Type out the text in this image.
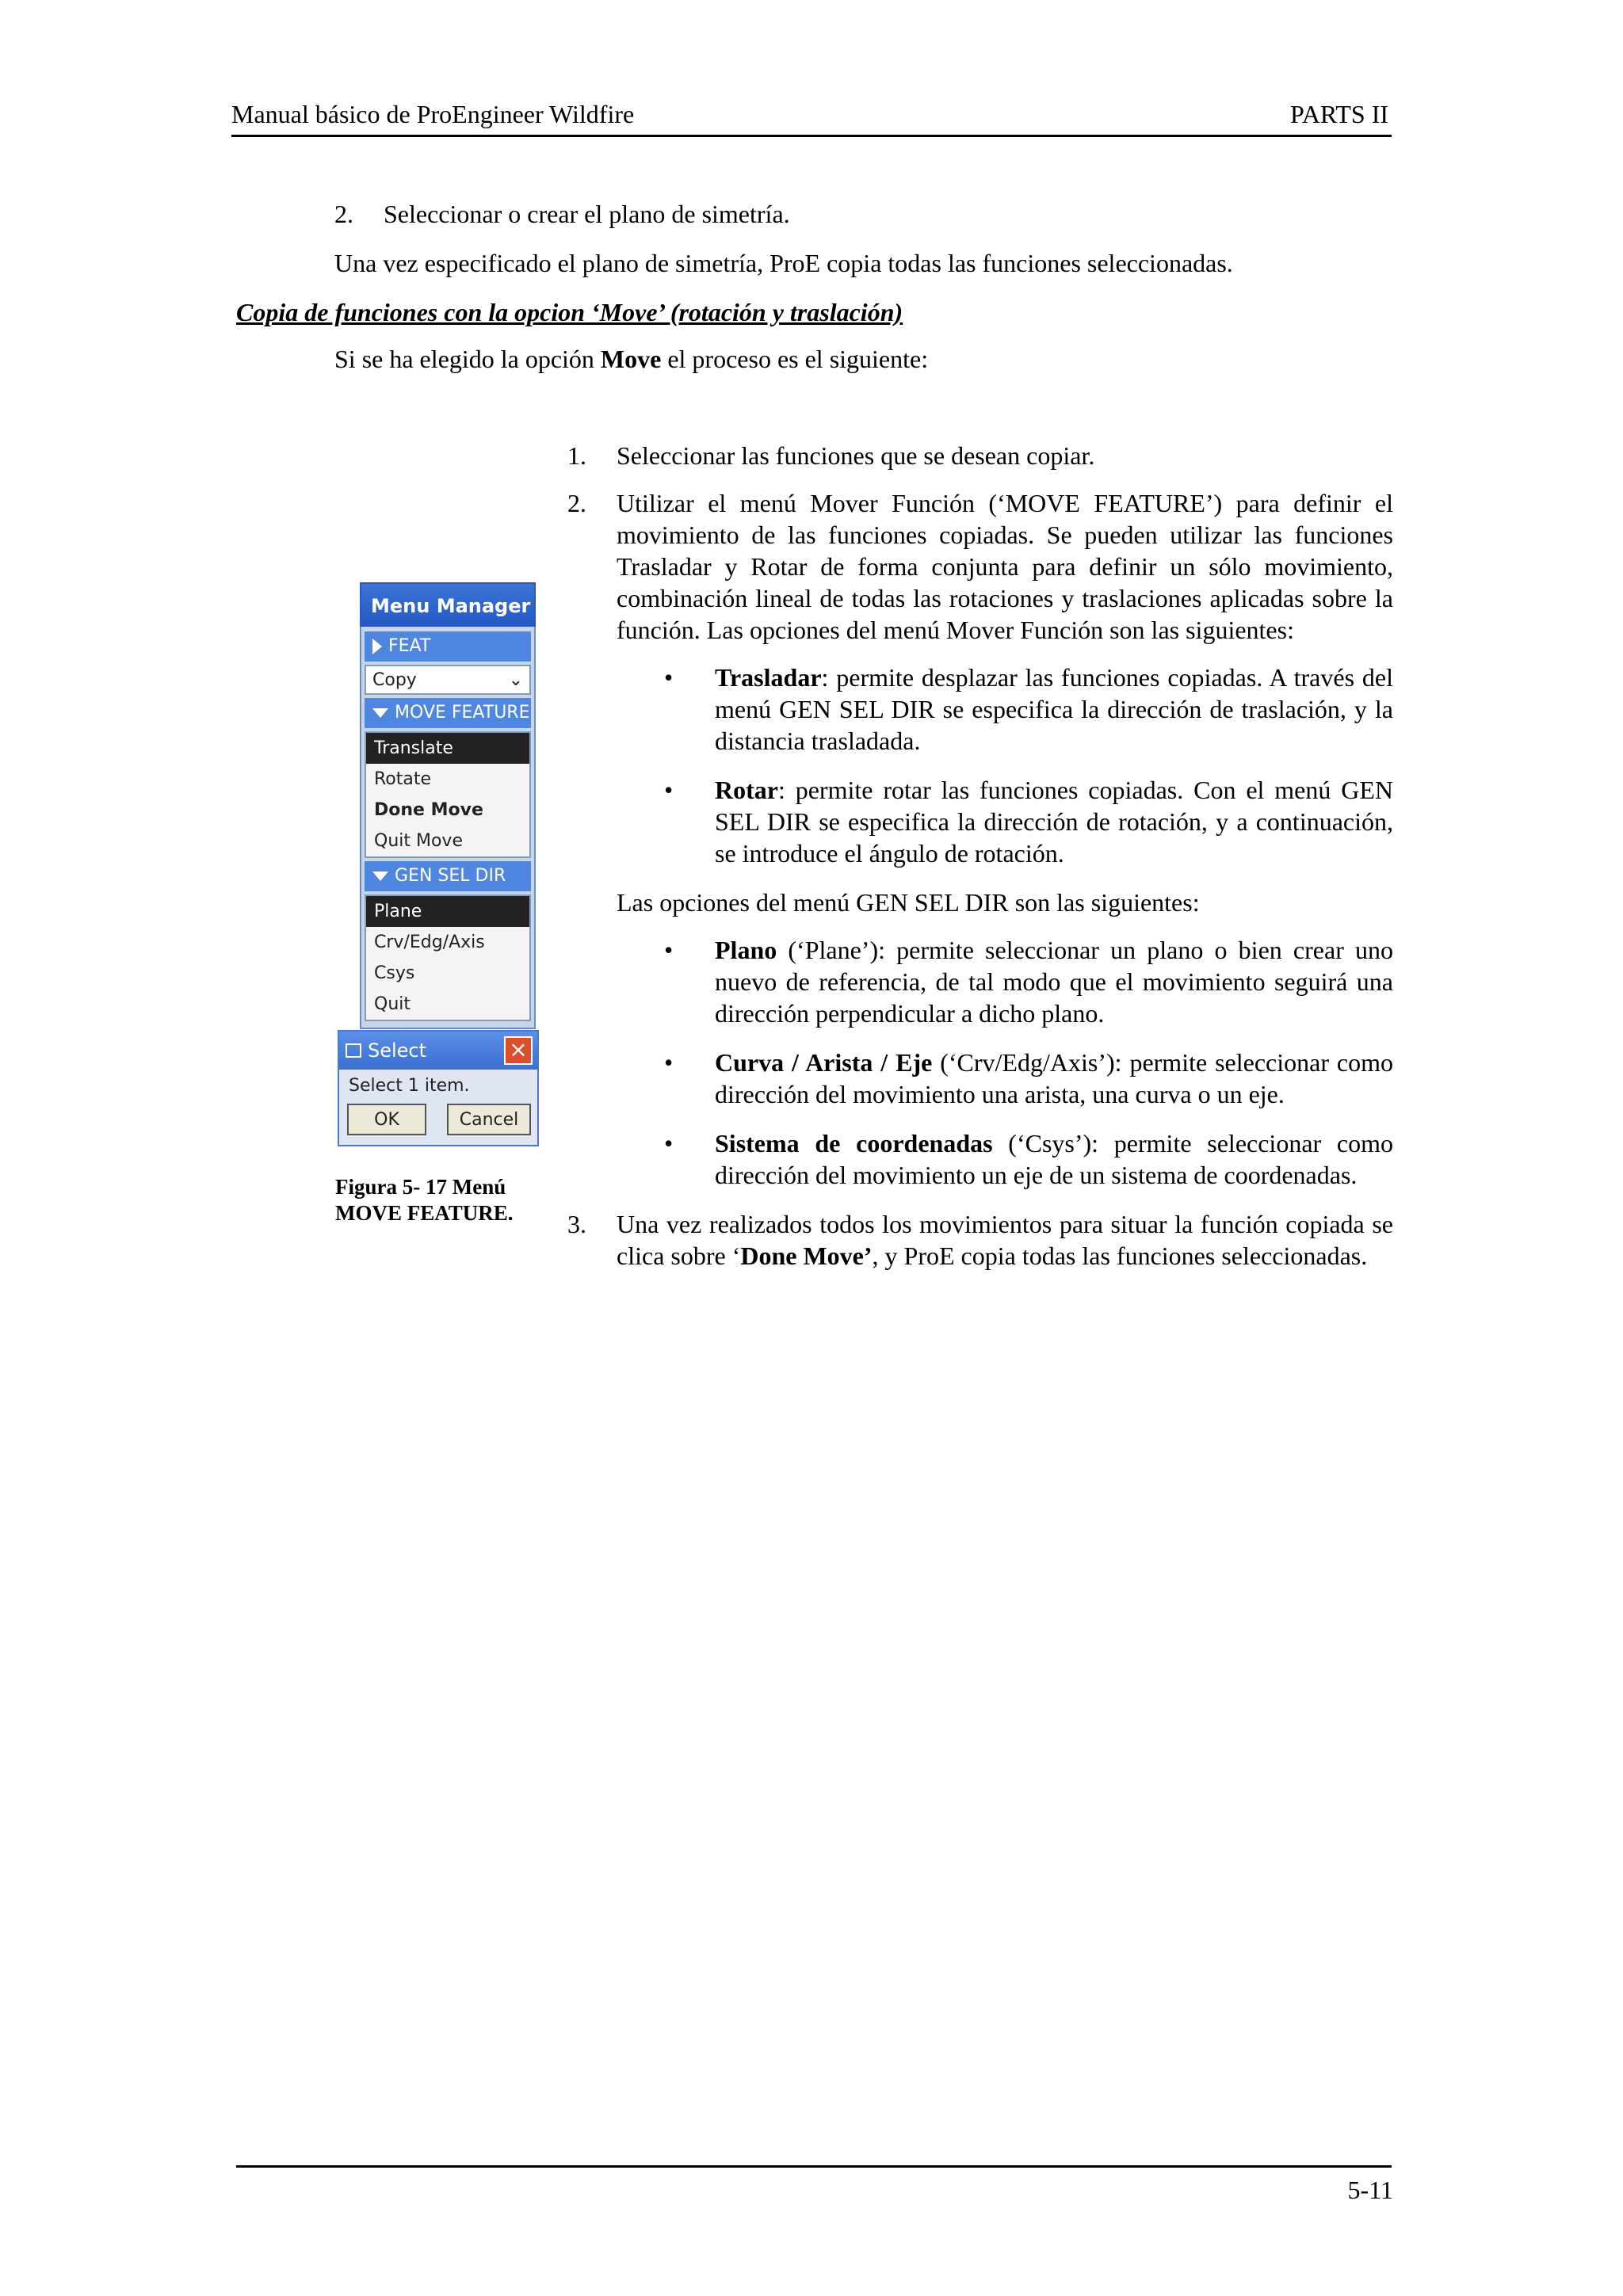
Manual básico de ProEngineer Wildfire	PARTS II
2.	Seleccionar o crear el plano de simetría.
Una vez especificado el plano de simetría, ProE copia todas las funciones seleccionadas.
Copia de funciones con la opcion ‘Move’ (rotación y traslación)
Si se ha elegido la opción Move el proceso es el siguiente:
1.	Seleccionar las funciones que se desean copiar.
2.	Utilizar el menú Mover Función (‘MOVE FEATURE’) para definir el movimiento de las funciones copiadas. Se pueden utilizar las funciones Trasladar y Rotar de forma conjunta para definir un sólo movimiento, combinación lineal de todas las rotaciones y traslaciones aplicadas sobre la función. Las opciones del menú Mover Función son las siguientes:
•	Trasladar: permite desplazar las funciones copiadas. A través del menú GEN SEL DIR se especifica la dirección de traslación, y la distancia trasladada.
•	Rotar: permite rotar las funciones copiadas. Con el menú GEN SEL DIR se especifica la dirección de rotación, y a continuación, se introduce el ángulo de rotación.
Las opciones del menú GEN SEL DIR son las siguientes:
•	Plano (‘Plane’): permite seleccionar un plano o bien crear uno nuevo de referencia, de tal modo que el movimiento seguirá una dirección perpendicular a dicho plano.
•	Curva / Arista / Eje (‘Crv/Edg/Axis’): permite seleccionar como dirección del movimiento una arista, una curva o un eje.
•	Sistema de coordenadas (‘Csys’): permite seleccionar como dirección del movimiento un eje de un sistema de coordenadas.
3.	Una vez realizados todos los movimientos para situar la función copiada se clica sobre ‘Done Move’, y ProE copia todas las funciones seleccionadas.
Menu Manager
FEAT
Copy	⌄
MOVE FEATURE
Translate
Rotate
Done Move
Quit Move
GEN SEL DIR
Plane
Crv/Edg/Axis
Csys
Quit
Select	×
Select 1 item.
OK	Cancel
Figura 5- 17 Menú
MOVE FEATURE.
5-11
